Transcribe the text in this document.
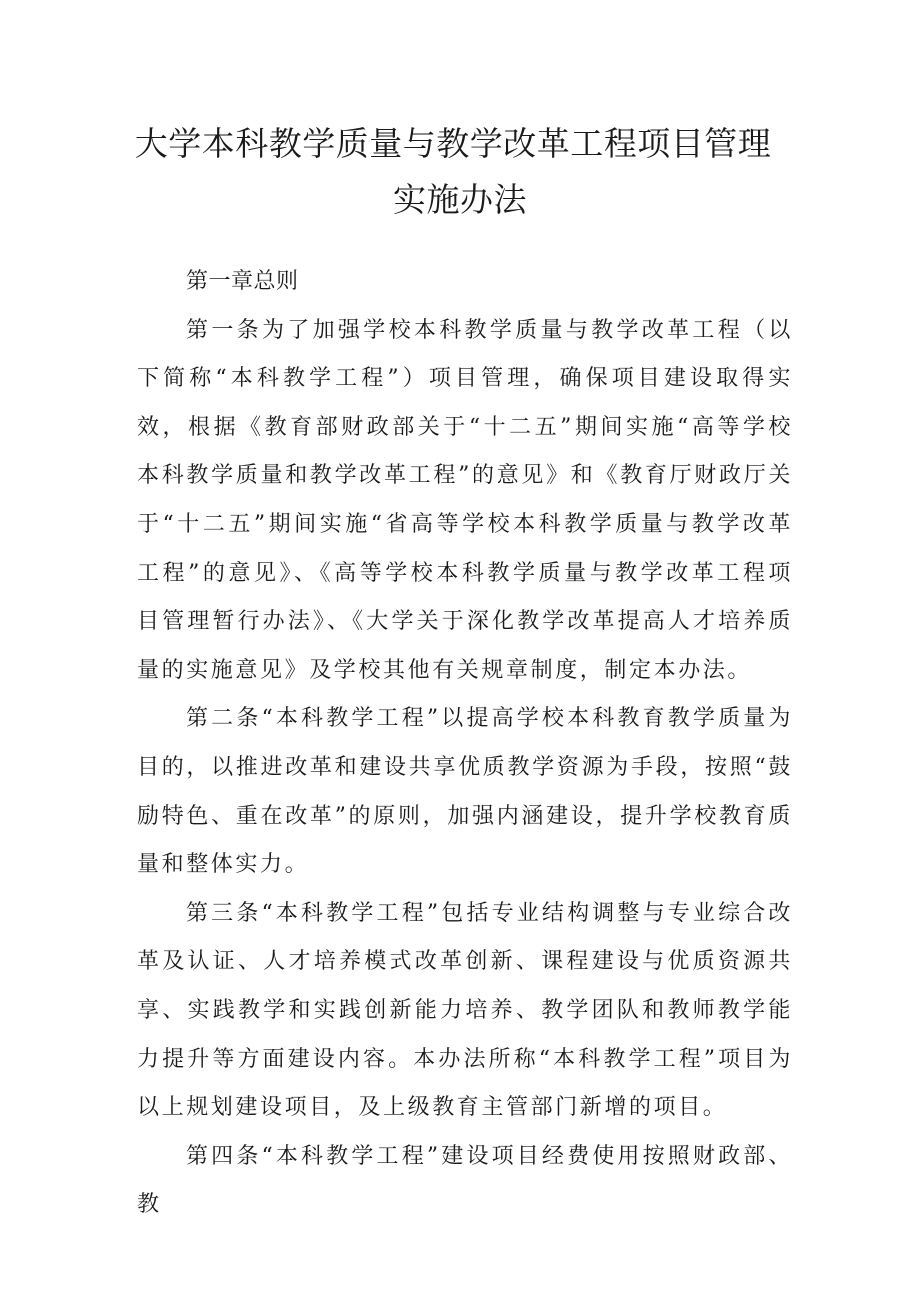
大学本科教学质量与教学改革工程项目管理
实施办法

第一章总则

第一条为了加强学校本科教学质量与教学改革工程（以下简称“本科教学工程”）项目管理，确保项目建设取得实效，根据《教育部财政部关于“十二五”期间实施“高等学校本科教学质量和教学改革工程”的意见》和《教育厅财政厅关于“十二五”期间实施“省高等学校本科教学质量与教学改革工程”的意见》、《高等学校本科教学质量与教学改革工程项目管理暂行办法》、《大学关于深化教学改革提高人才培养质量的实施意见》及学校其他有关规章制度，制定本办法。

第二条“本科教学工程”以提高学校本科教育教学质量为目的，以推进改革和建设共享优质教学资源为手段，按照“鼓励特色、重在改革”的原则，加强内涵建设，提升学校教育质量和整体实力。

第三条“本科教学工程”包括专业结构调整与专业综合改革及认证、人才培养模式改革创新、课程建设与优质资源共享、实践教学和实践创新能力培养、教学团队和教师教学能力提升等方面建设内容。本办法所称“本科教学工程”项目为以上规划建设项目，及上级教育主管部门新增的项目。

第四条“本科教学工程”建设项目经费使用按照财政部、教
